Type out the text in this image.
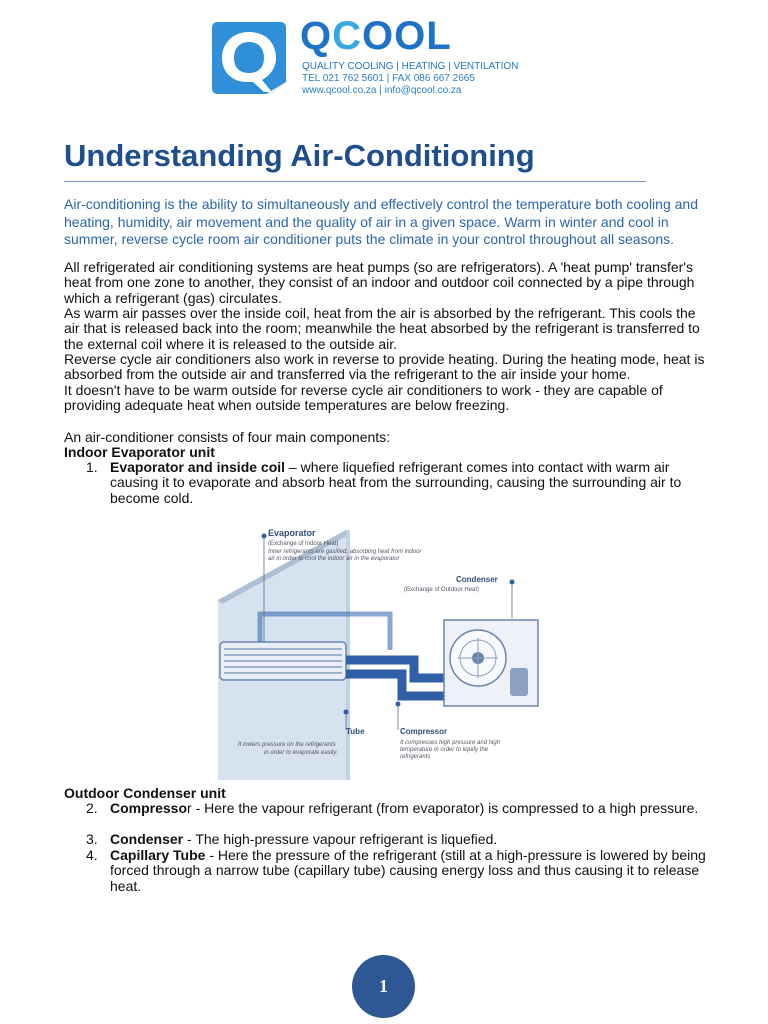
QCOOL
QUALITY COOLING | HEATING | VENTILATION
TEL 021 762 5601 | FAX 086 667 2665
www.qcool.co.za | info@qcool.co.za
Understanding Air-Conditioning

Air-conditioning is the ability to simultaneously and effectively control the temperature both cooling and heating, humidity, air movement and the quality of air in a given space. Warm in winter and cool in summer, reverse cycle room air conditioner puts the climate in your control throughout all seasons.

All refrigerated air conditioning systems are heat pumps (so are refrigerators). A 'heat pump' transfer's heat from one zone to another, they consist of an indoor and outdoor coil connected by a pipe through which a refrigerant (gas) circulates.

As warm air passes over the inside coil, heat from the air is absorbed by the refrigerant. This cools the air that is released back into the room; meanwhile the heat absorbed by the refrigerant is transferred to the external coil where it is released to the outside air.

Reverse cycle air conditioners also work in reverse to provide heating. During the heating mode, heat is absorbed from the outside air and transferred via the refrigerant to the air inside your home.

It doesn't have to be warm outside for reverse cycle air conditioners to work - they are capable of providing adequate heat when outside temperatures are below freezing.

An air-conditioner consists of four main components:

Indoor Evaporator unit

1. Evaporator and inside coil – where liquefied refrigerant comes into contact with warm air causing it to evaporate and absorb heat from the surrounding, causing the surrounding air to become cold.
Evaporator
(Exchange of Indoor Heat)
Inner refrigerants are gasified, absorbing heat from indoor
air in order to cool the indoor air in the evaporator
Condenser
(Exchange of Outdoor Heat)
Tube
It lowers pressure on the refrigerants
in order to evaporate easily.
Compressor
It compresses high pressure and high
temperature in order to liquify the
refrigerants

Outdoor Condenser unit

2. Compressor - Here the vapour refrigerant (from evaporator) is compressed to a high pressure.
3. Condenser - The high-pressure vapour refrigerant is liquefied.
4. Capillary Tube - Here the pressure of the refrigerant (still at a high-pressure is lowered by being forced through a narrow tube (capillary tube) causing energy loss and thus causing it to release heat.
1
